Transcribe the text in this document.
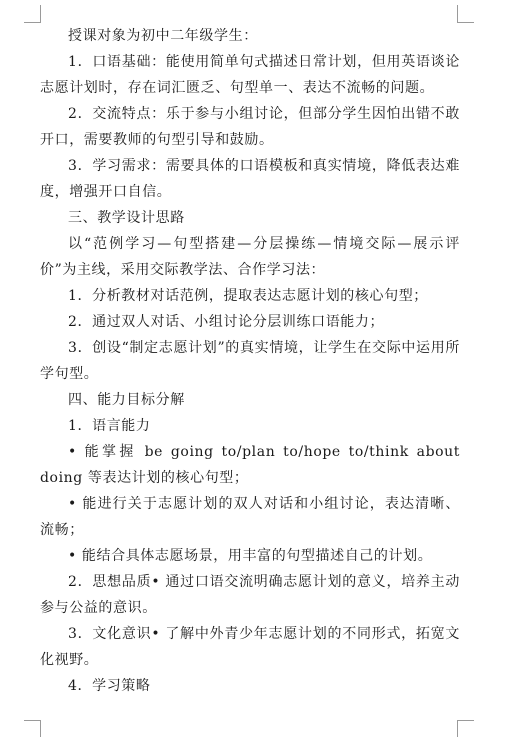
授课对象为初中二年级学生：

1．口语基础：能使用简单句式描述日常计划，但用英语谈论志愿计划时，存在词汇匮乏、句型单一、表达不流畅的问题。

2．交流特点：乐于参与小组讨论，但部分学生因怕出错不敢开口，需要教师的句型引导和鼓励。

3．学习需求：需要具体的口语模板和真实情境，降低表达难度，增强开口自信。

三、教学设计思路

以“范例学习—句型搭建—分层操练—情境交际—展示评价”为主线，采用交际教学法、合作学习法：

1．分析教材对话范例，提取表达志愿计划的核心句型；

2．通过双人对话、小组讨论分层训练口语能力；

3．创设“制定志愿计划”的真实情境，让学生在交际中运用所学句型。

四、能力目标分解

1．语言能力

• 能掌握 be going to/plan to/hope to/think about doing 等表达计划的核心句型；

• 能进行关于志愿计划的双人对话和小组讨论，表达清晰、流畅；

• 能结合具体志愿场景，用丰富的句型描述自己的计划。

2．思想品质• 通过口语交流明确志愿计划的意义，培养主动参与公益的意识。

3．文化意识• 了解中外青少年志愿计划的不同形式，拓宽文化视野。

4．学习策略
